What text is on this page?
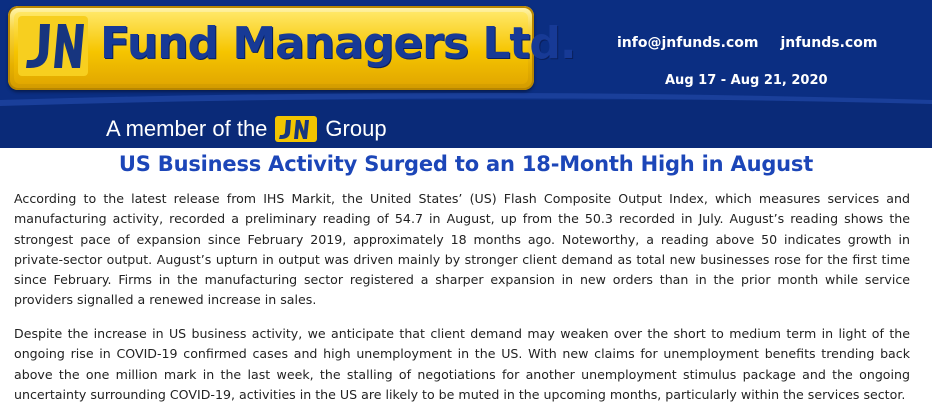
Fund Managers Ltd.	info@jnfunds.com jnfunds.com
Aug 17 - Aug 21, 2020
A member of the	Group
US Business Activity Surged to an 18-Month High in August

According to the latest release from IHS Markit, the United States’ (US) Flash Composite Output Index, which measures services and manufacturing activity, recorded a preliminary reading of 54.7 in August, up from the 50.3 recorded in July. August’s reading shows the strongest pace of expansion since February 2019, approximately 18 months ago. Noteworthy, a reading above 50 indicates growth in private-sector output. August’s upturn in output was driven mainly by stronger client demand as total new businesses rose for the first time since February. Firms in the manufacturing sector registered a sharper expansion in new orders than in the prior month while service providers signalled a renewed increase in sales.

Despite the increase in US business activity, we anticipate that client demand may weaken over the short to medium term in light of the ongoing rise in COVID-19 confirmed cases and high unemployment in the US. With new claims for unemployment benefits trending back above the one million mark in the last week, the stalling of negotiations for another unemployment stimulus package and the ongoing uncertainty surrounding COVID-19, activities in the US are likely to be muted in the upcoming months, particularly within the services sector.
